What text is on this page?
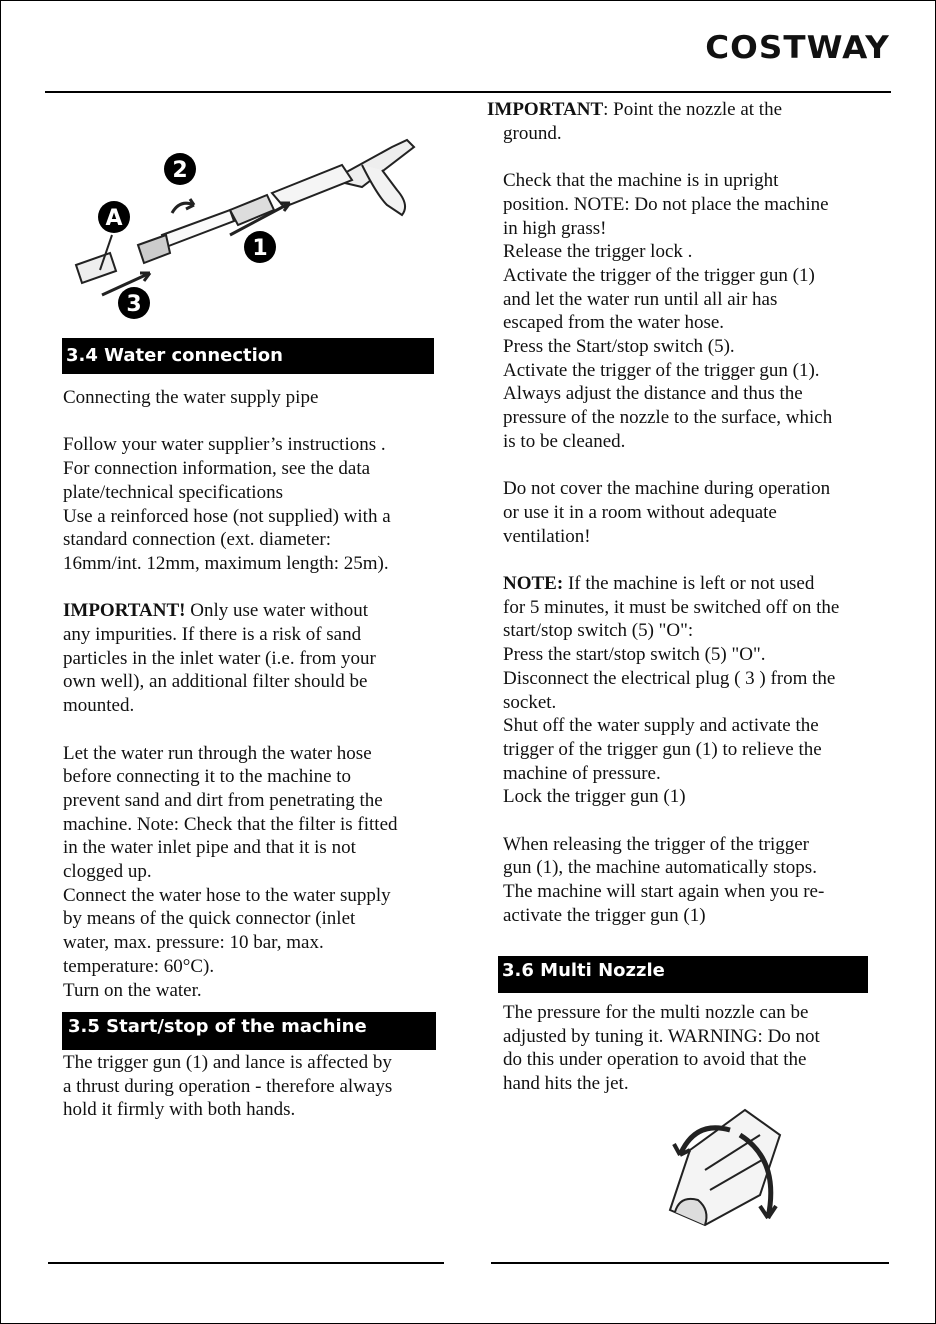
COSTWAY
2
A
1
3
3.4 Water connection

Connecting the water supply pipe

Follow your water supplier’s instructions .

For connection information, see the data

plate/technical specifications

Use a reinforced hose (not supplied) with a

standard connection (ext. diameter:

16mm/int. 12mm, maximum length: 25m).

IMPORTANT! Only use water without

any impurities. If there is a risk of sand

particles in the inlet water (i.e. from your

own well), an additional filter should be

mounted.

Let the water run through the water hose

before connecting it to the machine to

prevent sand and dirt from penetrating the

machine. Note: Check that the filter is fitted

in the water inlet pipe and that it is not

clogged up.

Connect the water hose to the water supply

by means of the quick connector (inlet

water, max. pressure: 10 bar, max.

temperature: 60°C).

Turn on the water.

3.5 Start/stop of the machine

The trigger gun (1) and lance is affected by

a thrust during operation - therefore always

hold it firmly with both hands.

IMPORTANT: Point the nozzle at the

ground.

Check that the machine is in upright

position. NOTE: Do not place the machine

in high grass!

Release the trigger lock .

Activate the trigger of the trigger gun (1)

and let the water run until all air has

escaped from the water hose.

Press the Start/stop switch (5).

Activate the trigger of the trigger gun (1).

Always adjust the distance and thus the

pressure of the nozzle to the surface, which

is to be cleaned.

Do not cover the machine during operation

or use it in a room without adequate

ventilation!

NOTE: If the machine is left or not used

for 5 minutes, it must be switched off on the

start/stop switch (5) "O":

Press the start/stop switch (5) "O".

Disconnect the electrical plug ( 3 ) from the

socket.

Shut off the water supply and activate the

trigger of the trigger gun (1) to relieve the

machine of pressure.

Lock the trigger gun (1)

When releasing the trigger of the trigger

gun (1), the machine automatically stops.

The machine will start again when you re-

activate the trigger gun (1)

3.6 Multi Nozzle

The pressure for the multi nozzle can be

adjusted by tuning it. WARNING: Do not

do this under operation to avoid that the

hand hits the jet.
